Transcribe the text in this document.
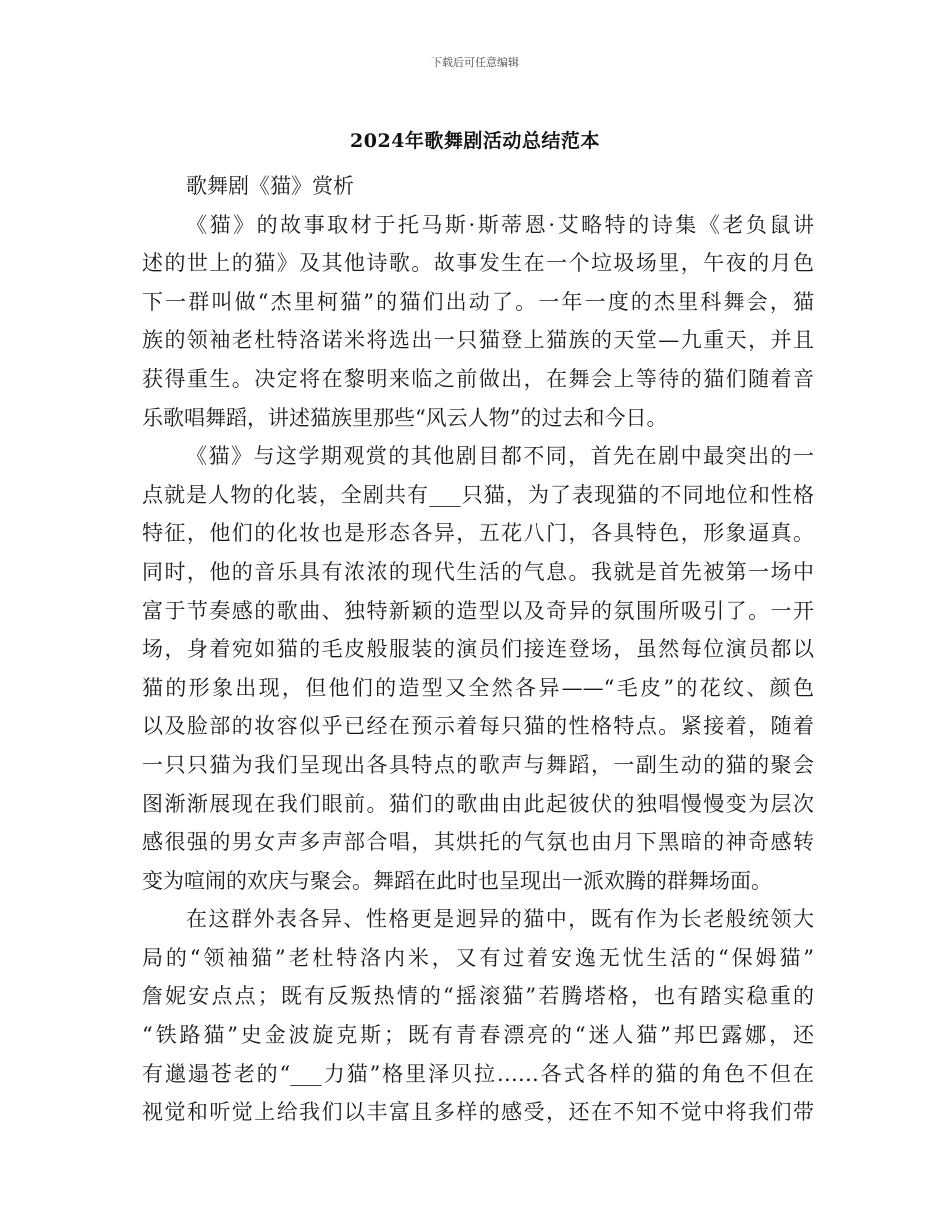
下载后可任意编辑
2024年歌舞剧活动总结范本
歌舞剧《猫》赏析
《猫》的故事取材于托马斯·斯蒂恩·艾略特的诗集《老负鼠讲
述的世上的猫》及其他诗歌。故事发生在一个垃圾场里，午夜的月色
下一群叫做“杰里柯猫”的猫们出动了。一年一度的杰里科舞会，猫
族的领袖老杜特洛诺米将选出一只猫登上猫族的天堂—九重天，并且
获得重生。决定将在黎明来临之前做出，在舞会上等待的猫们随着音
乐歌唱舞蹈，讲述猫族里那些“风云人物”的过去和今日。
《猫》与这学期观赏的其他剧目都不同，首先在剧中最突出的一
点就是人物的化装，全剧共有___只猫，为了表现猫的不同地位和性格
特征，他们的化妆也是形态各异，五花八门，各具特色，形象逼真。
同时，他的音乐具有浓浓的现代生活的气息。我就是首先被第一场中
富于节奏感的歌曲、独特新颖的造型以及奇异的氛围所吸引了。一开
场，身着宛如猫的毛皮般服装的演员们接连登场，虽然每位演员都以
猫的形象出现，但他们的造型又全然各异——“毛皮”的花纹、颜色
以及脸部的妆容似乎已经在预示着每只猫的性格特点。紧接着，随着
一只只猫为我们呈现出各具特点的歌声与舞蹈，一副生动的猫的聚会
图渐渐展现在我们眼前。猫们的歌曲由此起彼伏的独唱慢慢变为层次
感很强的男女声多声部合唱，其烘托的气氛也由月下黑暗的神奇感转
变为喧闹的欢庆与聚会。舞蹈在此时也呈现出一派欢腾的群舞场面。
在这群外表各异、性格更是迥异的猫中，既有作为长老般统领大
局的“领袖猫”老杜特洛内米，又有过着安逸无忧生活的“保姆猫”
詹妮安点点；既有反叛热情的“摇滚猫”若腾塔格，也有踏实稳重的
“铁路猫”史金波旋克斯；既有青春漂亮的“迷人猫”邦巴露娜，还
有邋遢苍老的“___力猫”格里泽贝拉……各式各样的猫的角色不但在
视觉和听觉上给我们以丰富且多样的感受，还在不知不觉中将我们带
